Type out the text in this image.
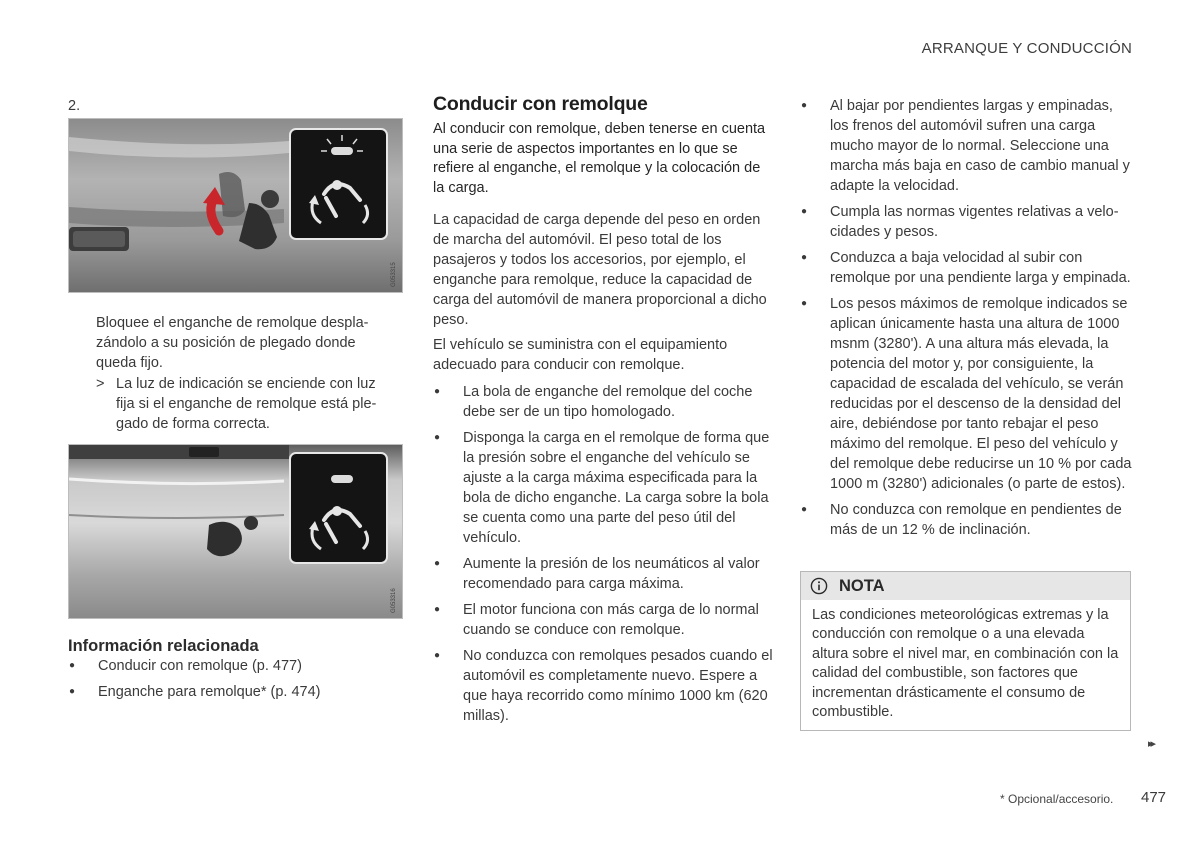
ARRANQUE Y CONDUCCIÓN
2.
G053315
Bloquee el enganche de remolque desplazándolo a su posición de plegado donde queda fijo.
> La luz de indicación se enciende con luz fija si el enganche de remolque está plegado de forma correcta.
G053316
Información relacionada
●	Conducir con remolque (p. 477)
●	Enganche para remolque* (p. 474)
Conducir con remolque
Al conducir con remolque, deben tenerse en cuenta una serie de aspectos importantes en lo que se refiere al enganche, el remolque y la colocación de la carga.
La capacidad de carga depende del peso en orden de marcha del automóvil. El peso total de los pasajeros y todos los accesorios, por ejemplo, el enganche para remolque, reduce la capacidad de carga del automóvil de manera proporcional a dicho peso.
El vehículo se suministra con el equipamiento adecuado para conducir con remolque.
●	La bola de enganche del remolque del coche debe ser de un tipo homologado.
●	Disponga la carga en el remolque de forma que la presión sobre el enganche del vehículo se ajuste a la carga máxima especificada para la bola de dicho enganche. La carga sobre la bola se cuenta como una parte del peso útil del vehículo.
●	Aumente la presión de los neumáticos al valor recomendado para carga máxima.
●	El motor funciona con más carga de lo normal cuando se conduce con remolque.
●	No conduzca con remolques pesados cuando el automóvil es completamente nuevo. Espere a que haya recorrido como mínimo 1000 km (620 millas).
●	Al bajar por pendientes largas y empinadas, los frenos del automóvil sufren una carga mucho mayor de lo normal. Seleccione una marcha más baja en caso de cambio manual y adapte la velocidad.
●	Cumpla las normas vigentes relativas a velocidades y pesos.
●	Conduzca a baja velocidad al subir con remolque por una pendiente larga y empinada.
●	Los pesos máximos de remolque indicados se aplican únicamente hasta una altura de 1000 msnm (3280'). A una altura más elevada, la potencia del motor y, por consiguiente, la capacidad de escalada del vehículo, se verán reducidas por el descenso de la densidad del aire, debiéndose por tanto rebajar el peso máximo del remolque. El peso del vehículo y del remolque debe reducirse un 10 % por cada 1000 m (3280') adicionales (o parte de estos).
●	No conduzca con remolque en pendientes de más de un 12 % de inclinación.
NOTA
Las condiciones meteorológicas extremas y la conducción con remolque o a una elevada altura sobre el nivel mar, en combinación con la calidad del combustible, son factores que incrementan drásticamente el consumo de combustible.
▸▸
* Opcional/accesorio. 477
